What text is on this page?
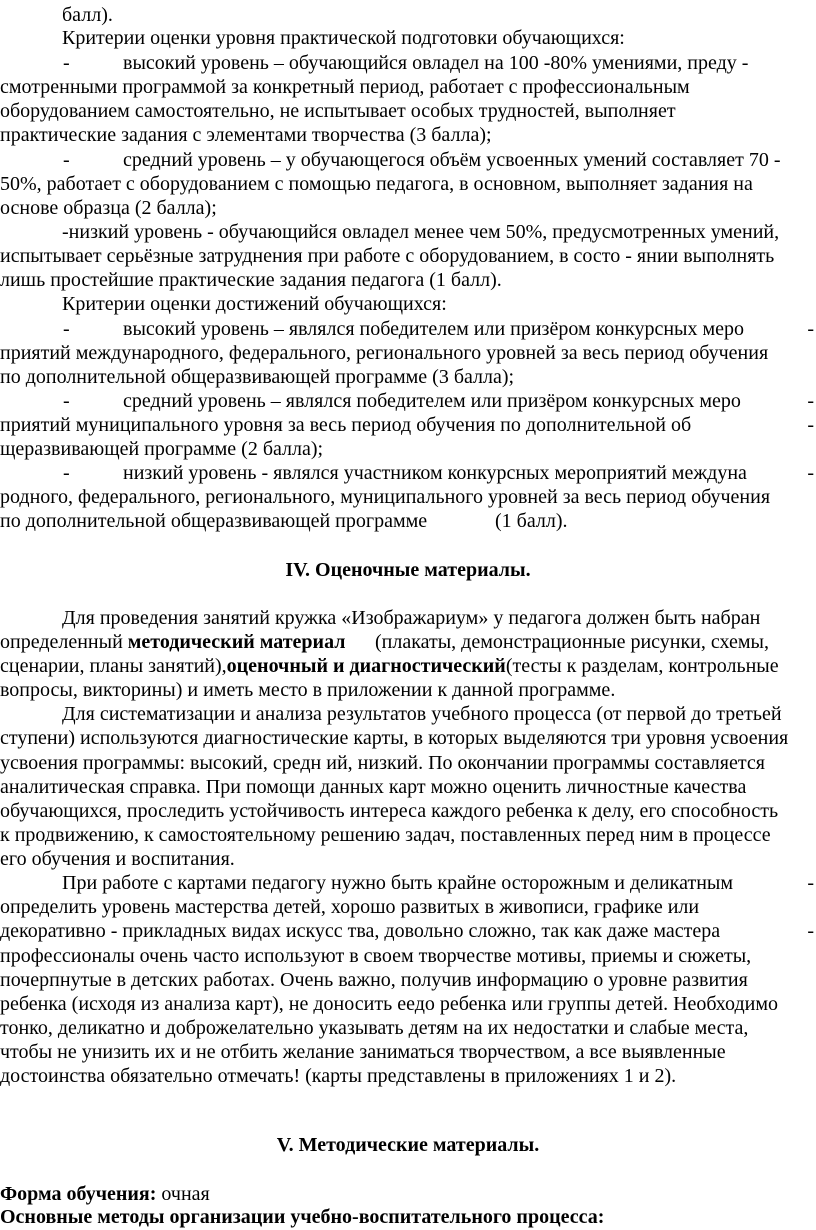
балл).
Критерии оценки уровня практической подготовки обучающихся:
-	высокий уровень – обучающийся овладел на 100 -80% умениями, преду -
смотренными программой за конкретный период, работает с профессиональным
оборудованием самостоятельно, не испытывает особых трудностей, выполняет
практические задания с элементами творчества (3 балла);
-	средний уровень – у обучающегося объём усвоенных умений составляет 70 -
50%, работает с оборудованием с помощью педагога, в основном, выполняет задания на
основе образца (2 балла);
-низкий уровень - обучающийся овладел менее чем 50%, предусмотренных умений,
испытывает серьёзные затруднения при работе с оборудованием, в состо - янии выполнять
лишь простейшие практические задания педагога (1 балл).
Критерии оценки достижений обучающихся:
-	высокий уровень – являлся победителем или призёром конкурсных меро	-
приятий международного, федерального, регионального уровней за весь период обучения
по дополнительной общеразвивающей программе (3 балла);
-	средний уровень – являлся победителем или призёром конкурсных меро	-
приятий муниципального уровня за весь период обучения по дополнительной об	-
щеразвивающей программе (2 балла);
-	низкий уровень - являлся участником конкурсных мероприятий междуна	-
родного, федерального, регионального, муниципального уровней за весь период обучения
по дополнительной общеразвивающей программе	(1 балл).
IV. Оценочные материалы.
Для проведения занятий кружка «Изображариум» у педагога должен быть набран
определенный методический материал (плакаты, демонстрационные рисунки, схемы,
сценарии, планы занятий),оценочный и диагностический(тесты к разделам, контрольные
вопросы, викторины) и иметь место в приложении к данной программе.
Для систематизации и анализа результатов учебного процесса (от первой до третьей
ступени) используются диагностические карты, в которых выделяются три уровня усвоения
усвоения программы: высокий, средн ий, низкий. По окончании программы составляется
аналитическая справка. При помощи данных карт можно оценить личностные качества
обучающихся, проследить устойчивость интереса каждого ребенка к делу, его способность
к продвижению, к самостоятельному решению задач, поставленных перед ним в процессе
его обучения и воспитания.
При работе с картами педагогу нужно быть крайне осторожным и деликатным	-
определить уровень мастерства детей, хорошо развитых в живописи, графике или
декоративно - прикладных видах искусс тва, довольно сложно, так как даже мастера	-
профессионалы очень часто используют в своем творчестве мотивы, приемы и сюжеты,
почерпнутые в детских работах. Очень важно, получив информацию о уровне развития
ребенка (исходя из анализа карт), не доносить еедо ребенка или группы детей. Необходимо
тонко, деликатно и доброжелательно указывать детям на их недостатки и слабые места,
чтобы не унизить их и не отбить желание заниматься творчеством, а все выявленные
достоинства обязательно отмечать! (карты представлены в приложениях 1 и 2).
V. Методические материалы.
Форма обучения: очная
Основные методы организации учебно-воспитательного процесса:
